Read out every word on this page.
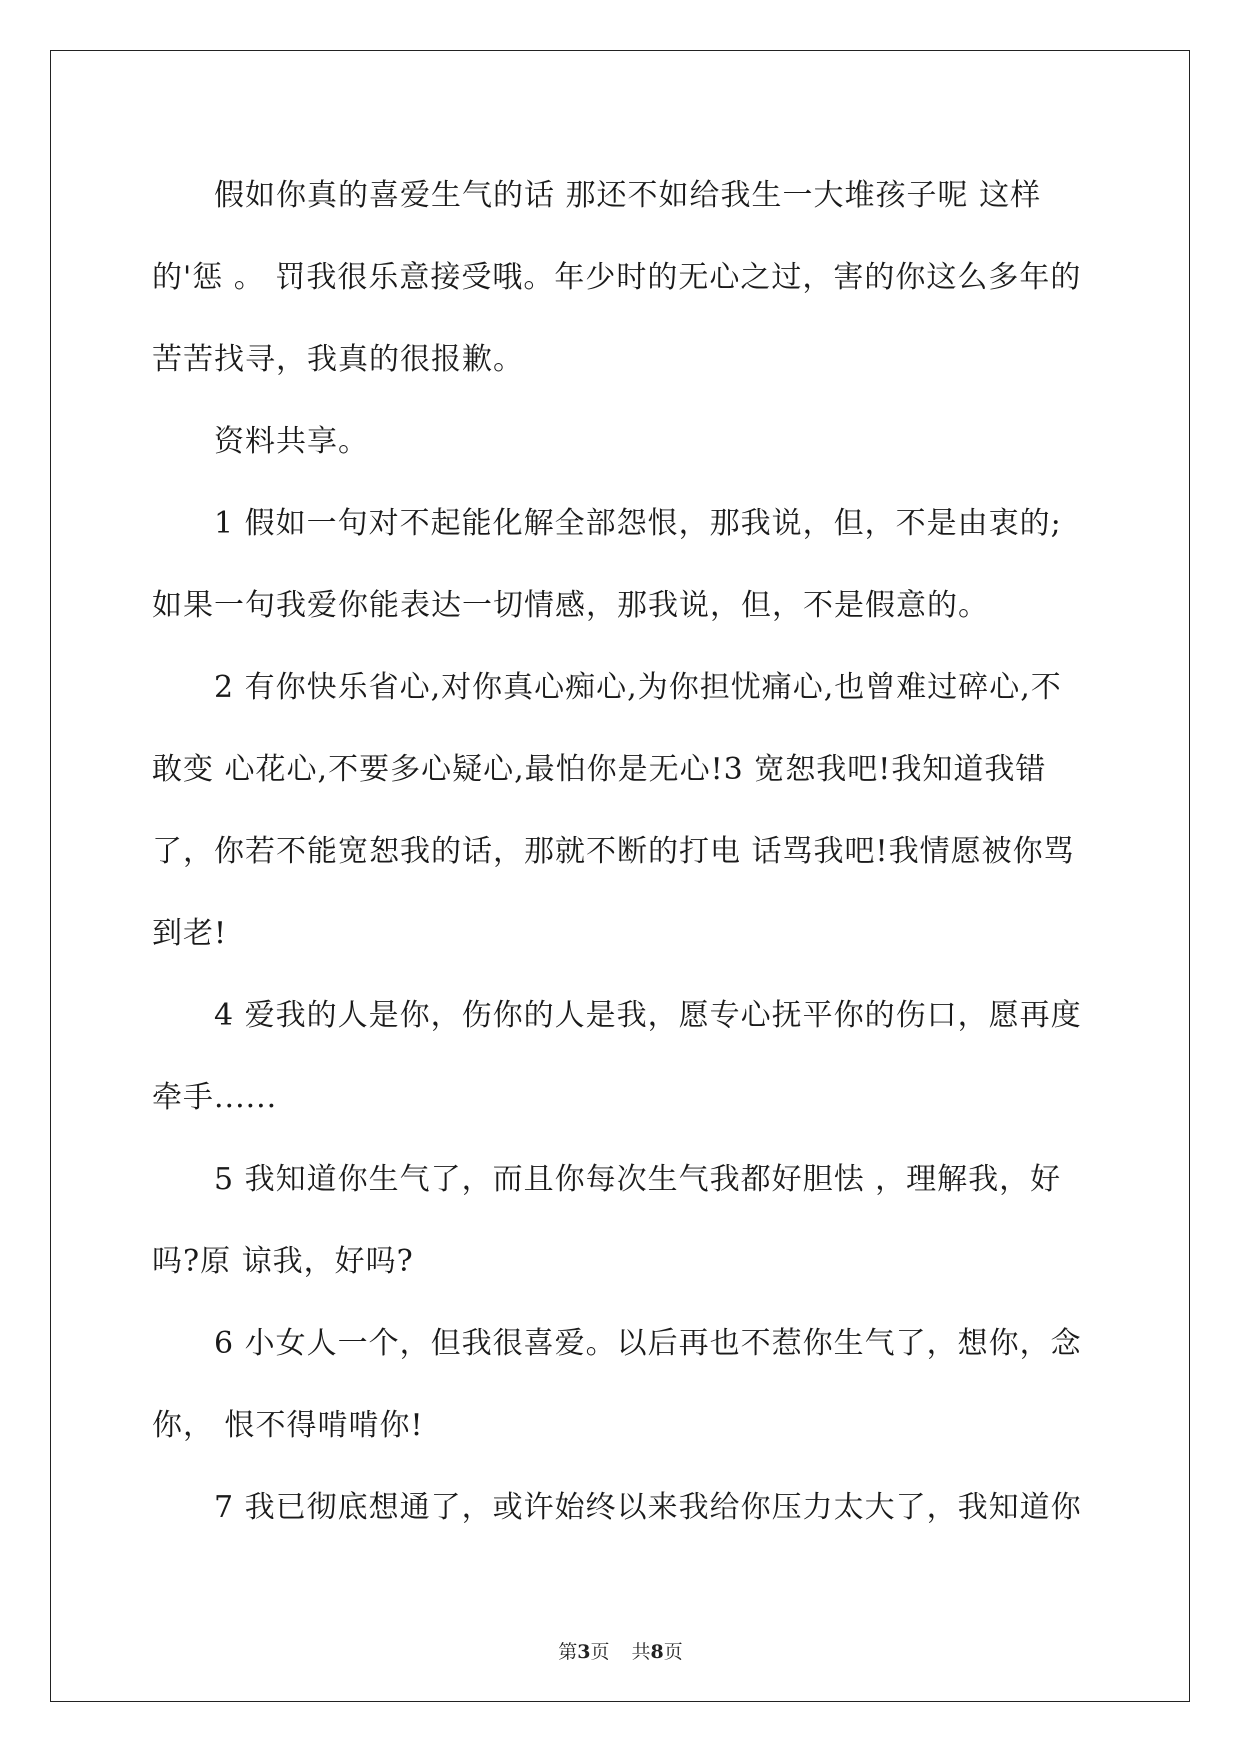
假如你真的喜爱生气的话 那还不如给我生一大堆孩子呢 这样的'惩 。 罚我很乐意接受哦。年少时的无心之过，害的你这么多年的苦苦找寻，我真的很报歉。

资料共享。

1 假如一句对不起能化解全部怨恨，那我说，但，不是由衷的;如果一句我爱你能表达一切情感，那我说，但，不是假意的。

2 有你快乐省心,对你真心痴心,为你担忧痛心,也曾难过碎心,不敢变 心花心,不要多心疑心,最怕你是无心!3 宽恕我吧!我知道我错了，你若不能宽恕我的话，那就不断的打电 话骂我吧!我情愿被你骂到老!

4 爱我的人是你，伤你的人是我，愿专心抚平你的伤口，愿再度牵手......

5 我知道你生气了，而且你每次生气我都好胆怯 ，理解我，好吗?原 谅我，好吗?

6 小女人一个，但我很喜爱。以后再也不惹你生气了，想你，念你， 恨不得啃啃你!

7 我已彻底想通了，或许始终以来我给你压力太大了，我知道你

第3页 共8页
